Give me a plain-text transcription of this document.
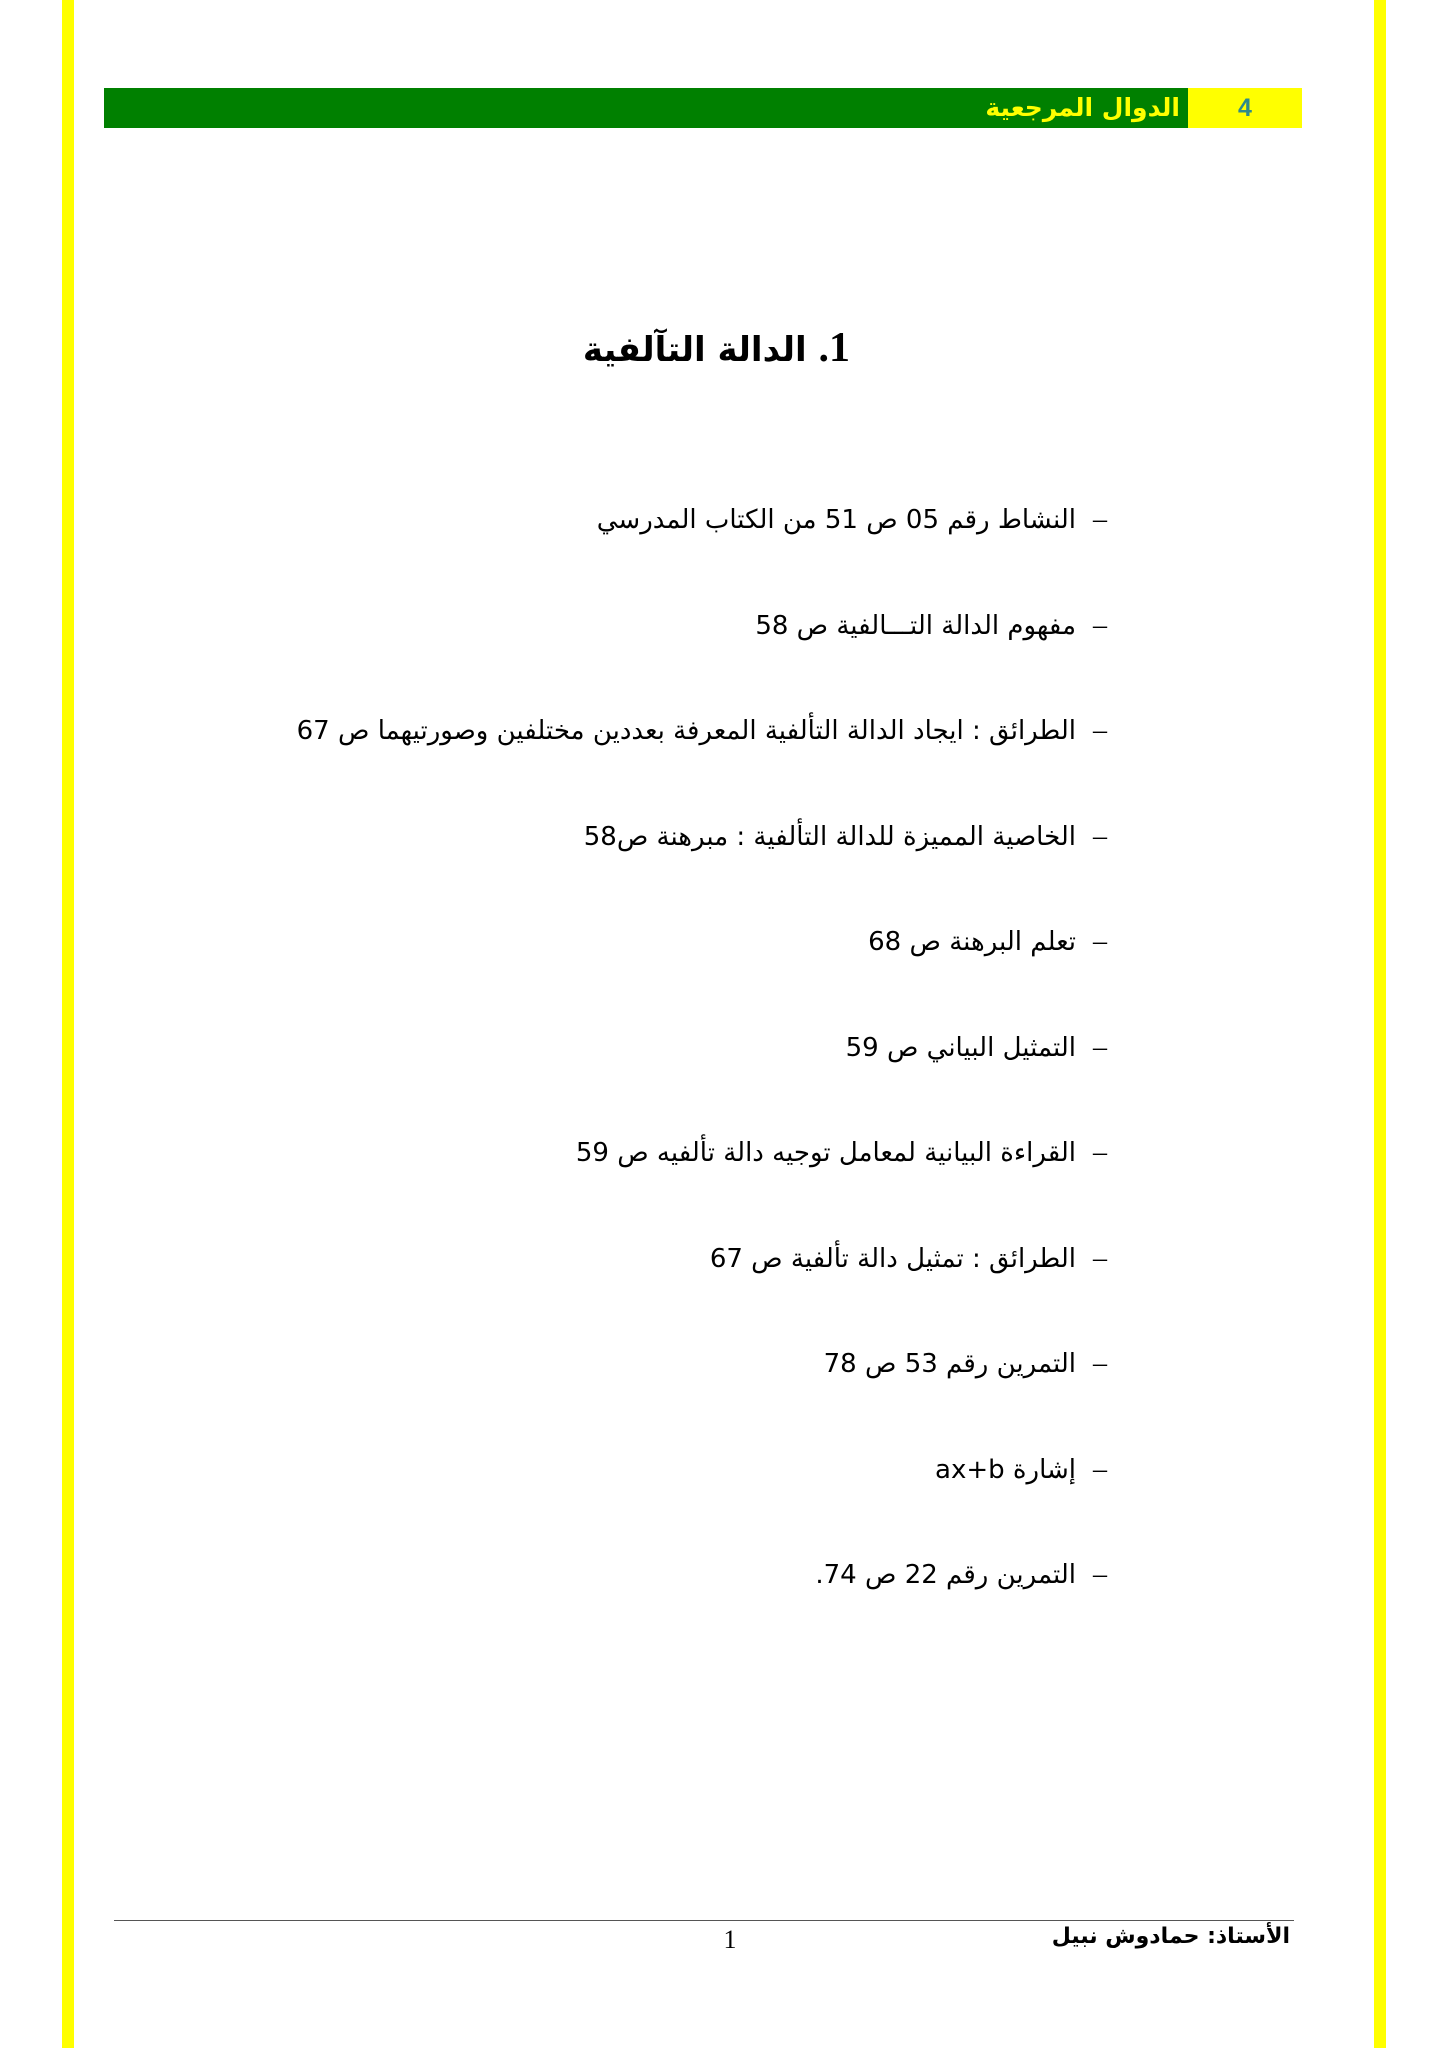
الدوال المرجعية	4
1. الدالة التآلفية
–
النشاط رقم 05 ص 51 من الكتاب المدرسي
–
مفهوم الدالة التـــالفية ص 58
–
الطرائق : ايجاد الدالة التألفية المعرفة بعددين مختلفين وصورتيهما ص 67
–
الخاصية المميزة للدالة التألفية : مبرهنة ص58
–
تعلم البرهنة ص 68
–
التمثيل البياني ص 59
–
القراءة البيانية لمعامل توجيه دالة تألفيه ص 59
–
الطرائق : تمثيل دالة تألفية ص 67
–
التمرين رقم 53 ص 78
–
إشارة ax+b
–
التمرين رقم 22 ص 74.
1	الأستاذ: حمادوش نبيل
